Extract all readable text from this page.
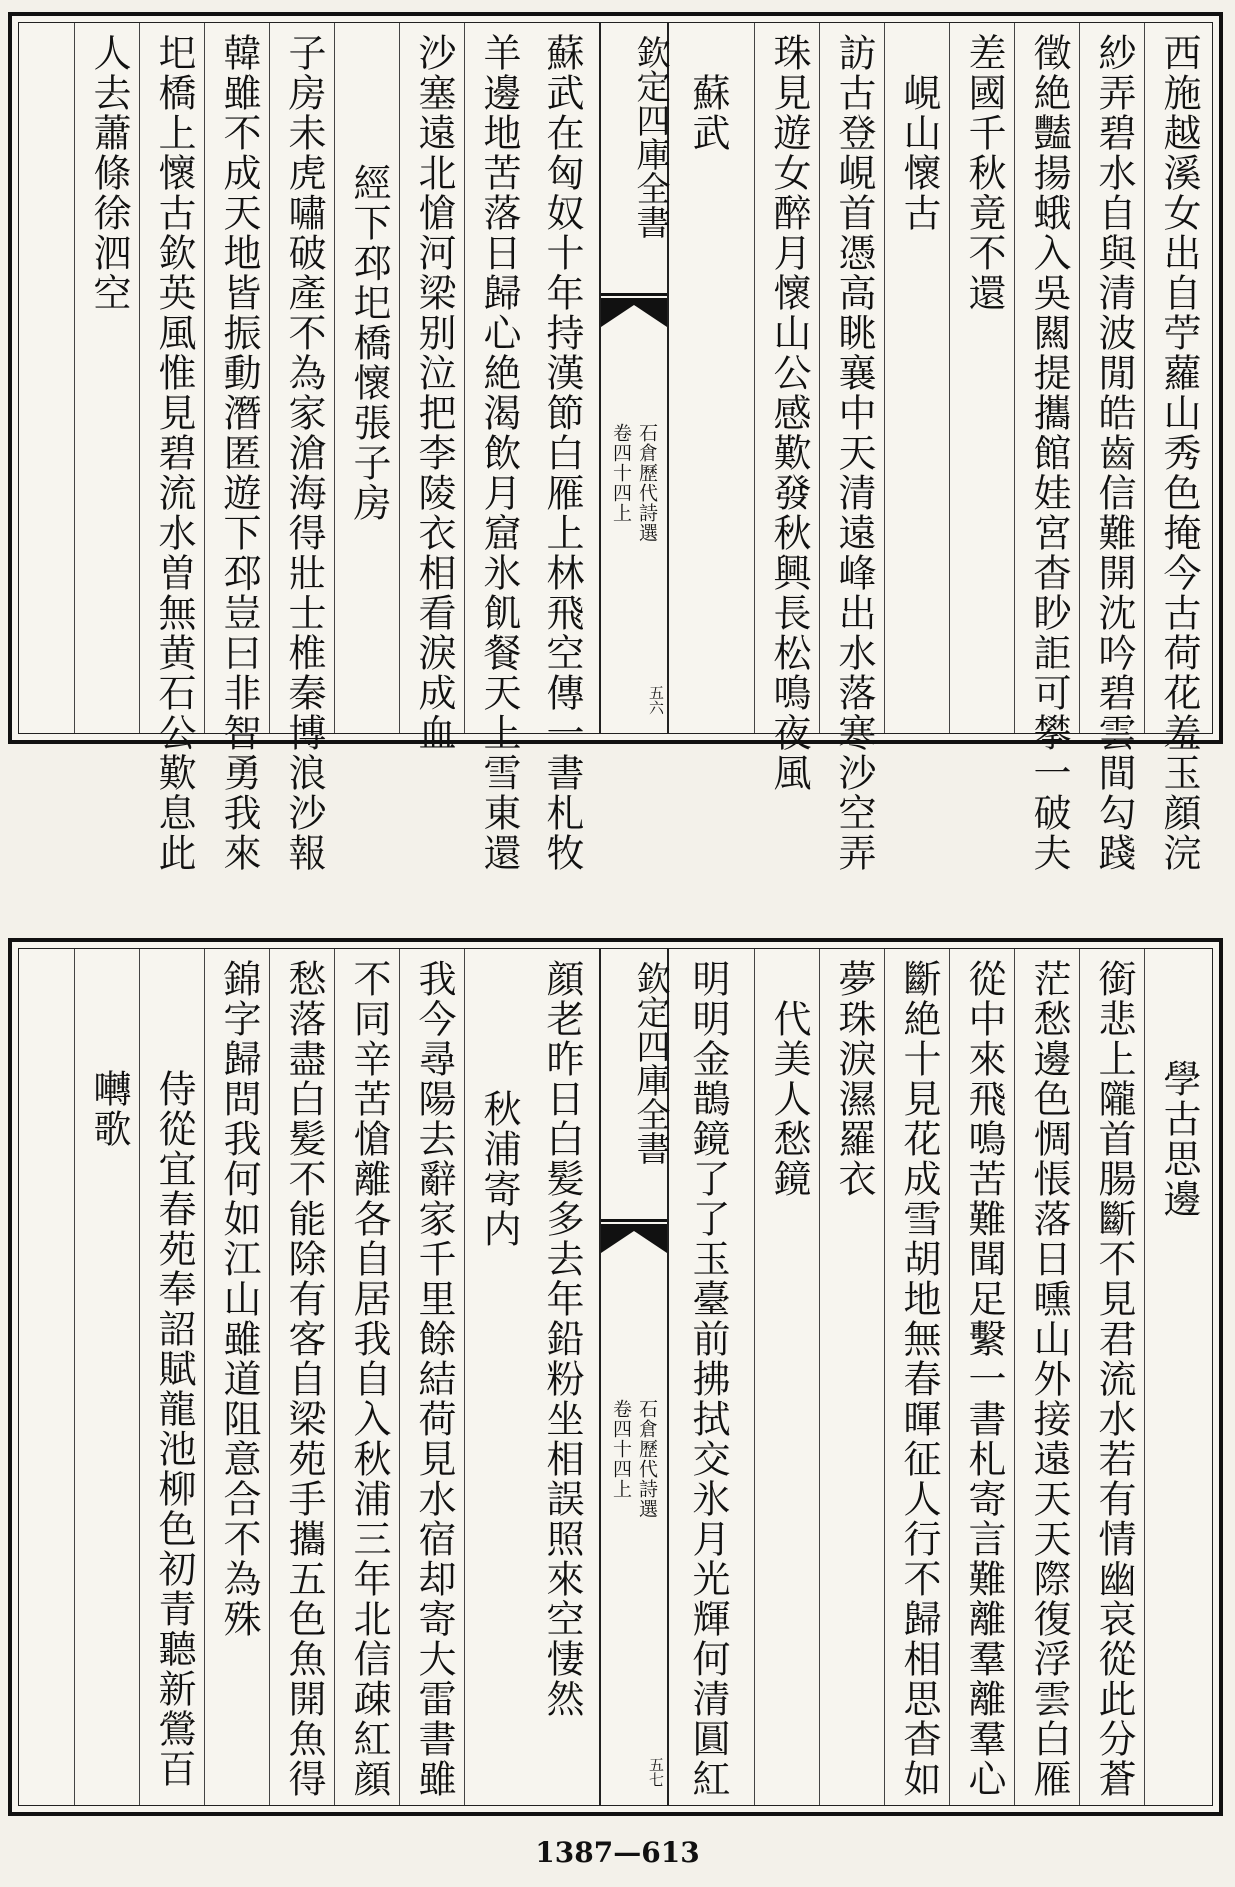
西施越溪女出自苧蘿山秀色掩今古荷花羞玉顔浣
紗弄碧水自與清波閒皓齒信難開沈吟碧雲間勾踐
徵絶豔揚蛾入吳闗提攜館娃宮杳眇詎可攀一破夫
差國千秋竟不還
　峴山懷古
訪古登峴首憑高眺襄中天清遠峰出水落寒沙空弄
珠見遊女醉月懷山公感歎發秋興長松鳴夜風
　蘇武
欽定四庫全書
石倉歷代詩選
卷四十四上
五六
蘇武在匈奴十年持漢節白雁上林飛空傳一書札牧
羊邊地苦落日歸心絶渴飲月窟氷飢餐天上雪東還
沙塞遠北愴河梁别泣把李陵衣相看淚成血
　經下邳圯橋懷張子房
子房未虎嘯破產不為家滄海得壯士椎秦博浪沙報
韓雖不成天地皆振動潛匿遊下邳豈曰非智勇我來
圯橋上懷古欽英風惟見碧流水曽無黄石公歎息此
人去蕭條徐泗空
　學古思邊
銜悲上隴首腸斷不見君流水若有情幽哀從此分蒼
茫愁邊色惆悵落日曛山外接遠天天際復浮雲白雁
從中來飛鳴苦難聞足繫一書札寄言難離羣離羣心
斷絶十見花成雪胡地無春暉征人行不歸相思杳如
夢珠淚濕羅衣
　代美人愁鏡
明明金鵲鏡了了玉臺前拂拭交氷月光輝何清圓紅
欽定四庫全書
石倉歷代詩選
卷四十四上
五七
顔老昨日白髪多去年鉛粉坐相誤照來空悽然
　秋浦寄内
我今尋陽去辭家千里餘結荷見水宿却寄大雷書雖
不同辛苦愴離各自居我自入秋浦三年北信疎紅顔
愁落盡白髪不能除有客自梁苑手攜五色魚開魚得
錦字歸問我何如江山雖道阻意合不為殊
　侍從宜春苑奉詔賦龍池柳色初青聽新鶯百
　囀歌
1387—613
